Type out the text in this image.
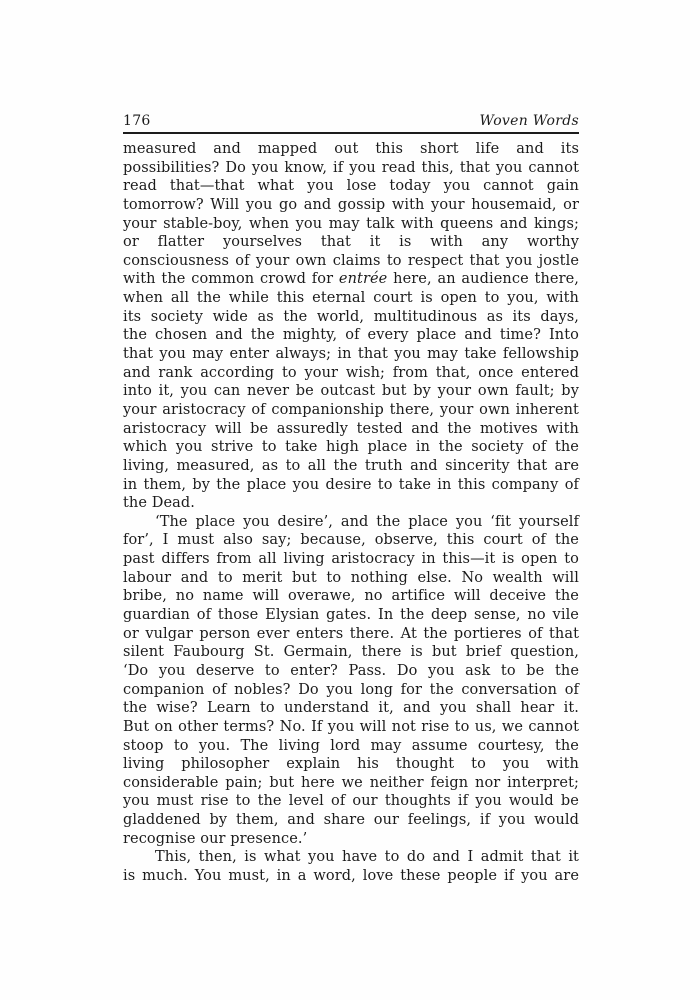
176	Woven Words
measured and mapped out this short life and its
possibilities? Do you know, if you read this, that you cannot
read that—that what you lose today you cannot gain
tomorrow? Will you go and gossip with your housemaid, or
your stable-boy, when you may talk with queens and kings;
or flatter yourselves that it is with any worthy
consciousness of your own claims to respect that you jostle
with the common crowd for entrée here, an audience there,
when all the while this eternal court is open to you, with
its society wide as the world, multitudinous as its days,
the chosen and the mighty, of every place and time? Into
that you may enter always; in that you may take fellowship
and rank according to your wish; from that, once entered
into it, you can never be outcast but by your own fault; by
your aristocracy of companionship there, your own inherent
aristocracy will be assuredly tested and the motives with
which you strive to take high place in the society of the
living, measured, as to all the truth and sincerity that are
in them, by the place you desire to take in this company of
the Dead.
‘The place you desire’, and the place you ‘fit yourself
for’, I must also say; because, observe, this court of the
past differs from all living aristocracy in this—it is open to
labour and to merit but to nothing else. No wealth will
bribe, no name will overawe, no artifice will deceive the
guardian of those Elysian gates. In the deep sense, no vile
or vulgar person ever enters there. At the portieres of that
silent Faubourg St. Germain, there is but brief question,
‘Do you deserve to enter? Pass. Do you ask to be the
companion of nobles? Do you long for the conversation of
the wise? Learn to understand it, and you shall hear it.
But on other terms? No. If you will not rise to us, we cannot
stoop to you. The living lord may assume courtesy, the
living philosopher explain his thought to you with
considerable pain; but here we neither feign nor interpret;
you must rise to the level of our thoughts if you would be
gladdened by them, and share our feelings, if you would
recognise our presence.’
This, then, is what you have to do and I admit that it
is much. You must, in a word, love these people if you are
